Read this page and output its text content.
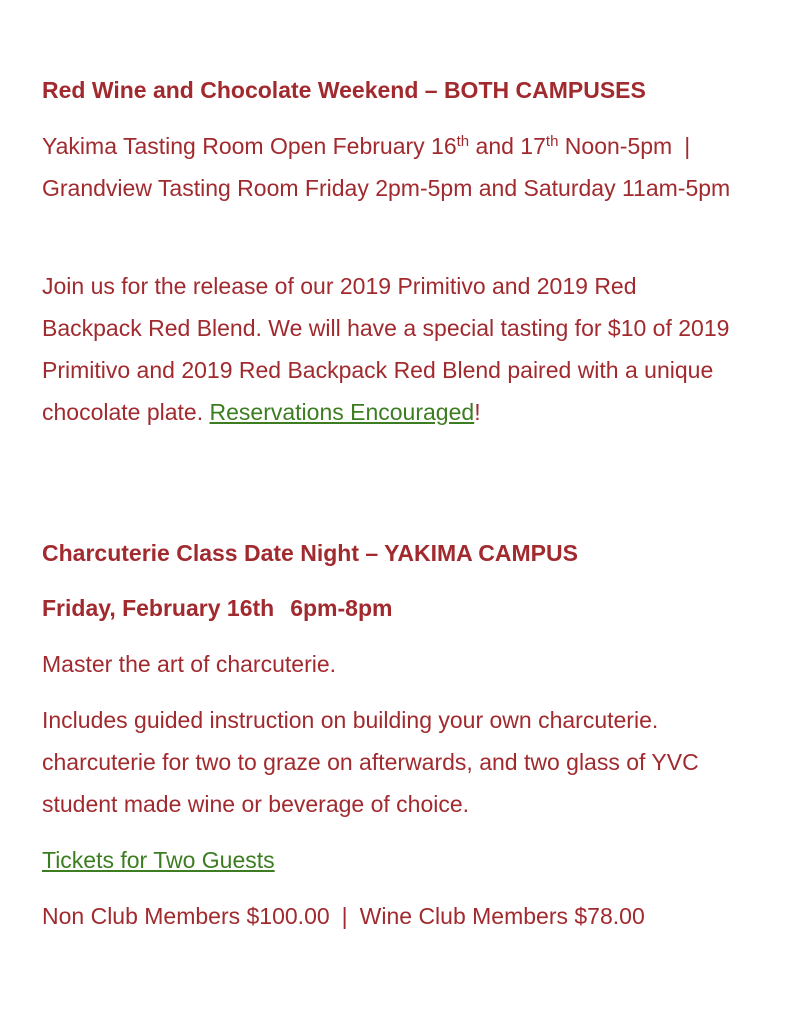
Red Wine and Chocolate Weekend – BOTH CAMPUSES

Yakima Tasting Room Open February 16th and 17th Noon-5pm | Grandview Tasting Room Friday 2pm-5pm and Saturday 11am-5pm

Join us for the release of our 2019 Primitivo and 2019 Red Backpack Red Blend. We will have a special tasting for $10 of 2019 Primitivo and 2019 Red Backpack Red Blend paired with a unique chocolate plate. Reservations Encouraged!

Charcuterie Class Date Night – YAKIMA CAMPUS
Friday, February 16th 6pm-8pm

Master the art of charcuterie.

Includes guided instruction on building your own charcuterie. charcuterie for two to graze on afterwards, and two glass of YVC student made wine or beverage of choice.

Tickets for Two Guests

Non Club Members $100.00 | Wine Club Members $78.00
